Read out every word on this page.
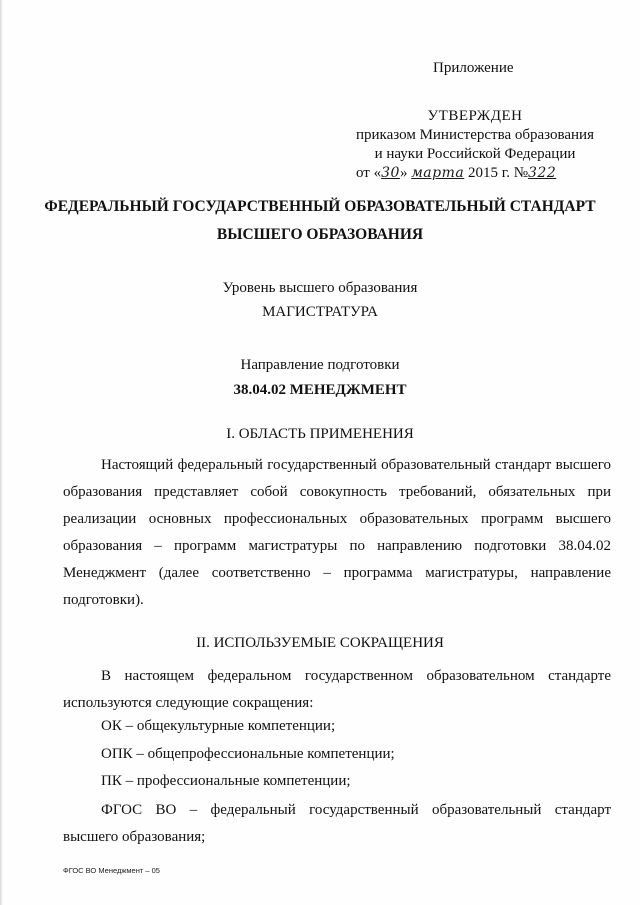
Приложение
УТВЕРЖДЕН
приказом Министерства образования
и науки Российской Федерации
от «30» марта 2015 г. №322
ФЕДЕРАЛЬНЫЙ ГОСУДАРСТВЕННЫЙ ОБРАЗОВАТЕЛЬНЫЙ СТАНДАРТ
ВЫСШЕГО ОБРАЗОВАНИЯ
Уровень высшего образования
МАГИСТРАТУРА
Направление подготовки
38.04.02 МЕНЕДЖМЕНТ
I. ОБЛАСТЬ ПРИМЕНЕНИЯ
Настоящий федеральный государственный образовательный стандарт высшего образования представляет собой совокупность требований, обязательных при реализации основных профессиональных образовательных программ высшего образования – программ магистратуры по направлению подготовки 38.04.02 Менеджмент (далее соответственно – программа магистратуры, направление подготовки).
II. ИСПОЛЬЗУЕМЫЕ СОКРАЩЕНИЯ
В настоящем федеральном государственном образовательном стандарте используются следующие сокращения:
ОК – общекультурные компетенции;
ОПК – общепрофессиональные компетенции;
ПК – профессиональные компетенции;
ФГОС ВО – федеральный государственный образовательный стандарт высшего образования;
ФГОС ВО Менеджмент – 05
